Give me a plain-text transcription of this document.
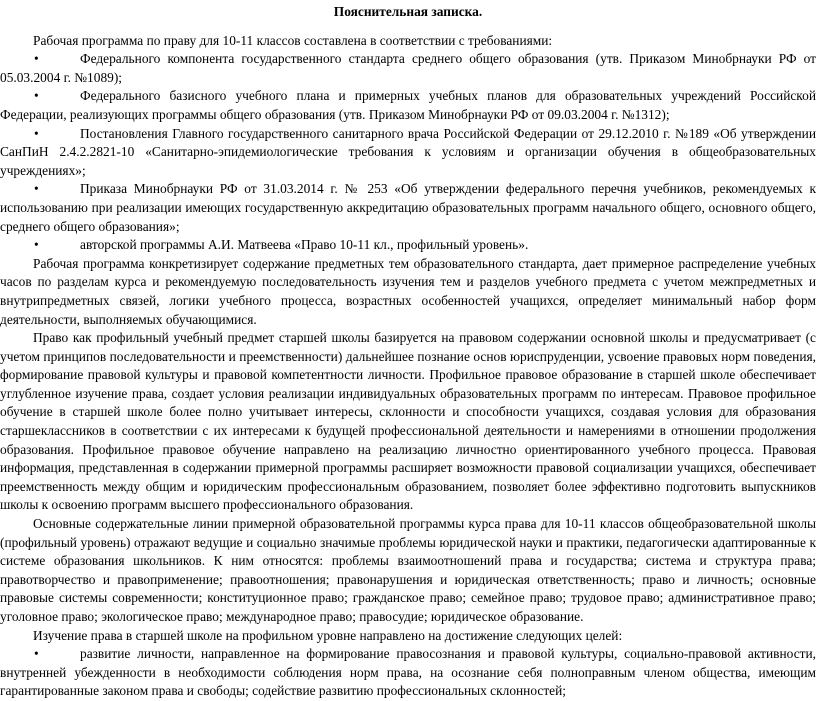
Пояснительная записка.

Рабочая программа по праву для 10-11 классов составлена в соответствии с требованиями:

•	Федерального компонента государственного стандарта среднего общего образования (утв. Приказом Минобрнауки РФ от 05.03.2004 г. №1089);

•	Федерального базисного учебного плана и примерных учебных планов для образовательных учреждений Российской Федерации, реализующих программы общего образования (утв. Приказом Минобрнауки РФ от 09.03.2004 г. №1312);

•	Постановления Главного государственного санитарного врача Российской Федерации от 29.12.2010 г. №189 «Об утверждении СанПиН 2.4.2.2821-10 «Санитарно-эпидемиологические требования к условиям и организации обучения в общеобразовательных учреждениях»;

•	Приказа Минобрнауки РФ от 31.03.2014 г. № 253 «Об утверждении федерального перечня учебников, рекомендуемых к использованию при реализации имеющих государственную аккредитацию образовательных программ начального общего, основного общего, среднего общего образования»;

•	авторской программы А.И. Матвеева «Право 10-11 кл., профильный уровень».

Рабочая программа конкретизирует содержание предметных тем образовательного стандарта, дает примерное распределение учебных часов по разделам курса и рекомендуемую последовательность изучения тем и разделов учебного предмета с учетом межпредметных и внутрипредметных связей, логики учебного процесса, возрастных особенностей учащихся, определяет минимальный набор форм деятельности, выполняемых обучающимися.

Право как профильный учебный предмет старшей школы базируется на правовом содержании основной школы и предусматривает (с учетом принципов последовательности и преемственности) дальнейшее познание основ юриспруденции, усвоение правовых норм поведения, формирование правовой культуры и правовой компетентности личности. Профильное правовое образование в старшей школе обеспечивает углубленное изучение права, создает условия реализации индивидуальных образовательных программ по интересам. Правовое профильное обучение в старшей школе более полно учитывает интересы, склонности и способности учащихся, создавая условия для образования старшеклассников в соответствии с их интересами к будущей профессиональной деятельности и намерениями в отношении продолжения образования. Профильное правовое обучение направлено на реализацию личностно ориентированного учебного процесса. Правовая информация, представленная в содержании примерной программы расширяет возможности правовой социализации учащихся, обеспечивает преемственность между общим и юридическим профессиональным образованием, позволяет более эффективно подготовить выпускников школы к освоению программ высшего профессионального образования.

Основные содержательные линии примерной образовательной программы курса права для 10-11 классов общеобразовательной школы (профильный уровень) отражают ведущие и социально значимые проблемы юридической науки и практики, педагогически адаптированные к системе образования школьников. К ним относятся: проблемы взаимоотношений права и государства; система и структура права; правотворчество и правоприменение; правоотношения; правонарушения и юридическая ответственность; право и личность; основные правовые системы современности; конституционное право; гражданское право; семейное право; трудовое право; административное право; уголовное право; экологическое право; международное право; правосудие; юридическое образование.

Изучение права в старшей школе на профильном уровне направлено на достижение следующих целей:

•	развитие личности, направленное на формирование правосознания и правовой культуры, социально-правовой активности, внутренней убежденности в необходимости соблюдения норм права, на осознание себя полноправным членом общества, имеющим гарантированные законом права и свободы; содействие развитию профессиональных склонностей;
